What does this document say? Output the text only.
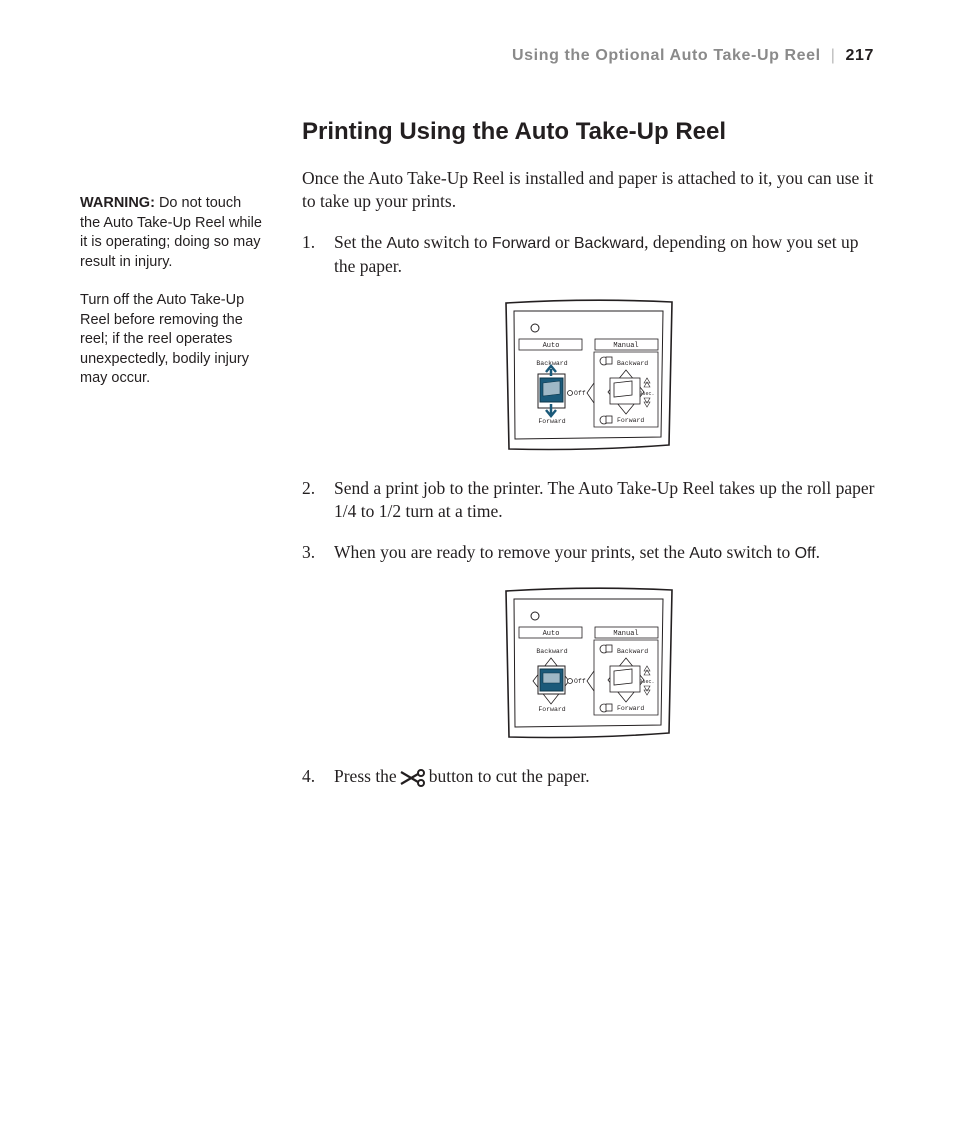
Using the Optional Auto Take-Up Reel | 217

WARNING: Do not touch the Auto Take-Up Reel while it is operating; doing so may result in injury.

Turn off the Auto Take-Up Reel before removing the reel; if the reel operates unexpectedly, bodily injury may occur.

Printing Using the Auto Take-Up Reel

Once the Auto Take-Up Reel is installed and paper is attached to it, you can use it to take up your prints.

1. Set the Auto switch to Forward or Backward, depending on how you set up the paper.
Auto	Manual
Backward
Forward
Off
Backward
Forward
3sec.
2. Send a print job to the printer. The Auto Take-Up Reel takes up the roll paper 1/4 to 1/2 turn at a time.
3. When you are ready to remove your prints, set the Auto switch to Off.
Auto	Manual
Backward
Forward
Off
Backward
Forward
3sec.
4. Press the button to cut the paper.
